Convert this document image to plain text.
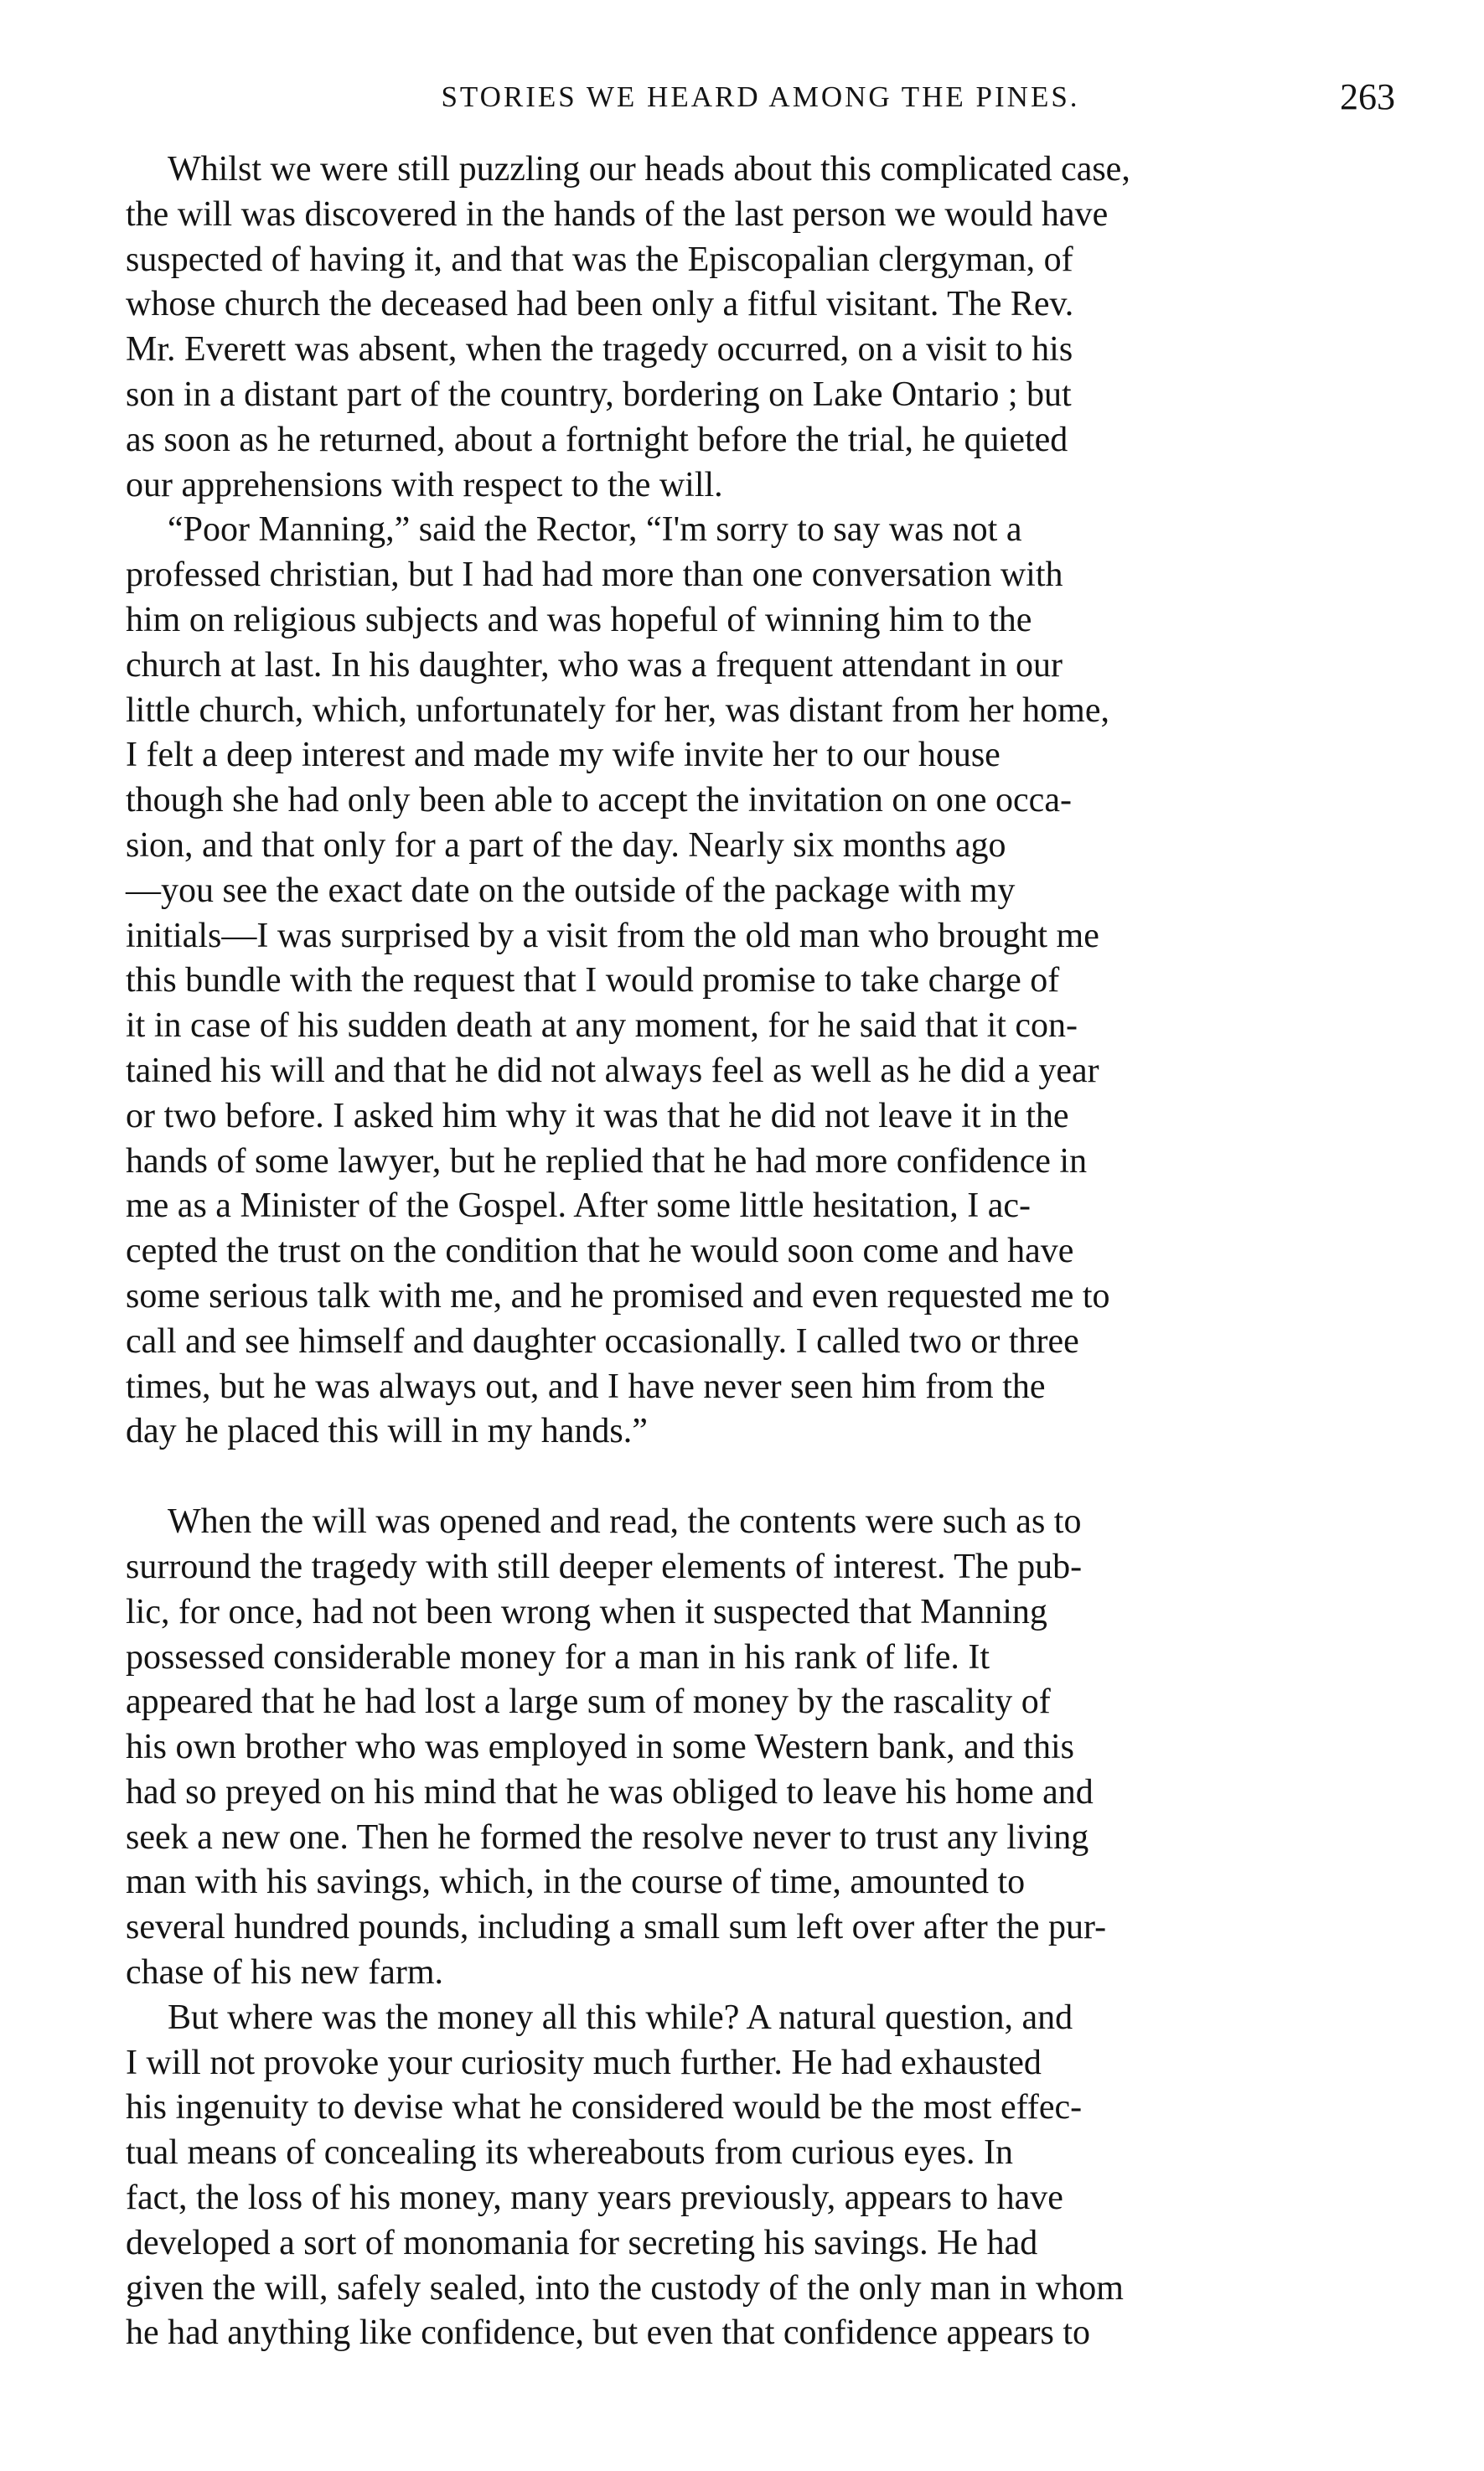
STORIES WE HEARD AMONG THE PINES.	263

Whilst we were still puzzling our heads about this complicated case,
the will was discovered in the hands of the last person we would have
suspected of having it, and that was the Episcopalian clergyman, of
whose church the deceased had been only a fitful visitant. The Rev.
Mr. Everett was absent, when the tragedy occurred, on a visit to his
son in a distant part of the country, bordering on Lake Ontario ; but
as soon as he returned, about a fortnight before the trial, he quieted
our apprehensions with respect to the will.

“Poor Manning,” said the Rector, “I'm sorry to say was not a
professed christian, but I had had more than one conversation with
him on religious subjects and was hopeful of winning him to the
church at last. In his daughter, who was a frequent attendant in our
little church, which, unfortunately for her, was distant from her home,
I felt a deep interest and made my wife invite her to our house
though she had only been able to accept the invitation on one occa-
sion, and that only for a part of the day. Nearly six months ago
—you see the exact date on the outside of the package with my
initials—I was surprised by a visit from the old man who brought me
this bundle with the request that I would promise to take charge of
it in case of his sudden death at any moment, for he said that it con-
tained his will and that he did not always feel as well as he did a year
or two before. I asked him why it was that he did not leave it in the
hands of some lawyer, but he replied that he had more confidence in
me as a Minister of the Gospel. After some little hesitation, I ac-
cepted the trust on the condition that he would soon come and have
some serious talk with me, and he promised and even requested me to
call and see himself and daughter occasionally. I called two or three
times, but he was always out, and I have never seen him from the
day he placed this will in my hands.”

When the will was opened and read, the contents were such as to
surround the tragedy with still deeper elements of interest. The pub-
lic, for once, had not been wrong when it suspected that Manning
possessed considerable money for a man in his rank of life. It
appeared that he had lost a large sum of money by the rascality of
his own brother who was employed in some Western bank, and this
had so preyed on his mind that he was obliged to leave his home and
seek a new one. Then he formed the resolve never to trust any living
man with his savings, which, in the course of time, amounted to
several hundred pounds, including a small sum left over after the pur-
chase of his new farm.

But where was the money all this while? A natural question, and
I will not provoke your curiosity much further. He had exhausted
his ingenuity to devise what he considered would be the most effec-
tual means of concealing its whereabouts from curious eyes. In
fact, the loss of his money, many years previously, appears to have
developed a sort of monomania for secreting his savings. He had
given the will, safely sealed, into the custody of the only man in whom
he had anything like confidence, but even that confidence appears to
